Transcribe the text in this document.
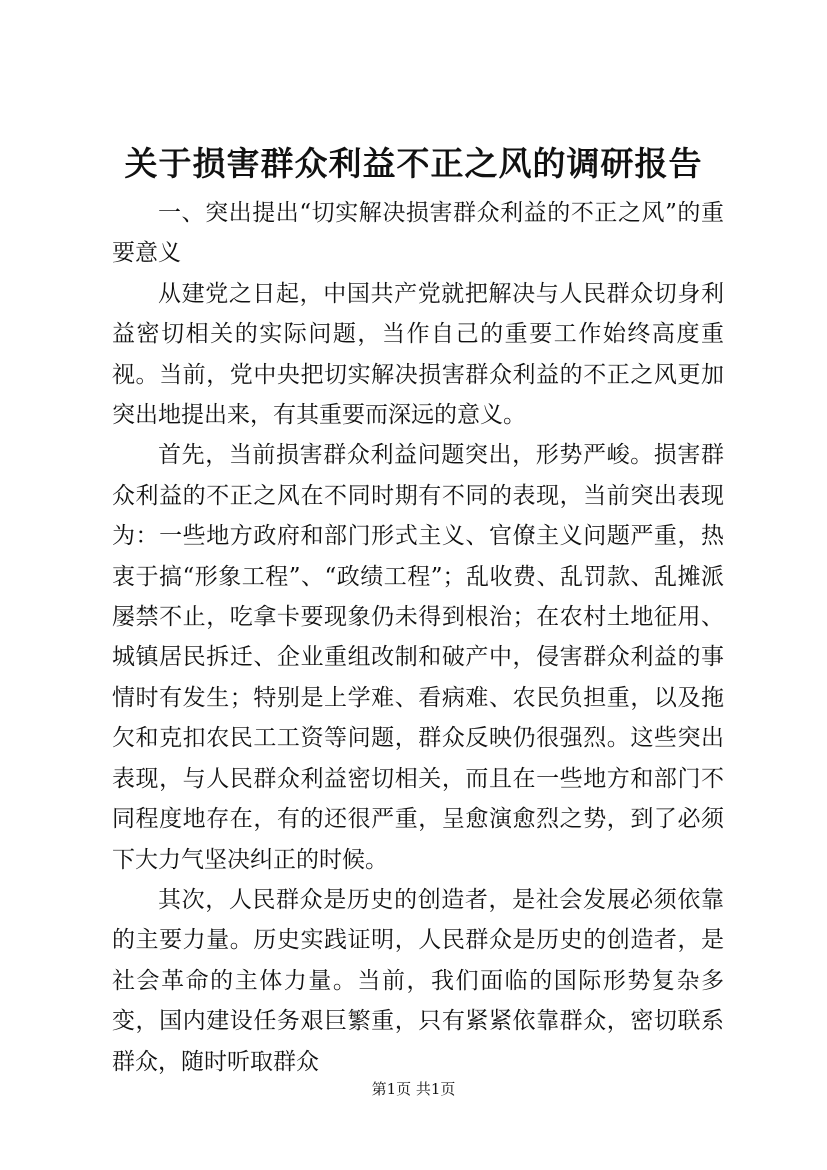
关于损害群众利益不正之风的调研报告

一、突出提出“切实解决损害群众利益的不正之风”的重要意义

从建党之日起，中国共产党就把解决与人民群众切身利益密切相关的实际问题，当作自己的重要工作始终高度重视。当前，党中央把切实解决损害群众利益的不正之风更加突出地提出来，有其重要而深远的意义。

首先，当前损害群众利益问题突出，形势严峻。损害群众利益的不正之风在不同时期有不同的表现，当前突出表现为：一些地方政府和部门形式主义、官僚主义问题严重，热衷于搞“形象工程”、“政绩工程”；乱收费、乱罚款、乱摊派屡禁不止，吃拿卡要现象仍未得到根治；在农村土地征用、城镇居民拆迁、企业重组改制和破产中，侵害群众利益的事情时有发生；特别是上学难、看病难、农民负担重，以及拖欠和克扣农民工工资等问题，群众反映仍很强烈。这些突出表现，与人民群众利益密切相关，而且在一些地方和部门不同程度地存在，有的还很严重，呈愈演愈烈之势，到了必须下大力气坚决纠正的时候。

其次，人民群众是历史的创造者，是社会发展必须依靠的主要力量。历史实践证明，人民群众是历史的创造者，是社会革命的主体力量。当前，我们面临的国际形势复杂多变，国内建设任务艰巨繁重，只有紧紧依靠群众，密切联系群众，随时听取群众

第1页 共1页
